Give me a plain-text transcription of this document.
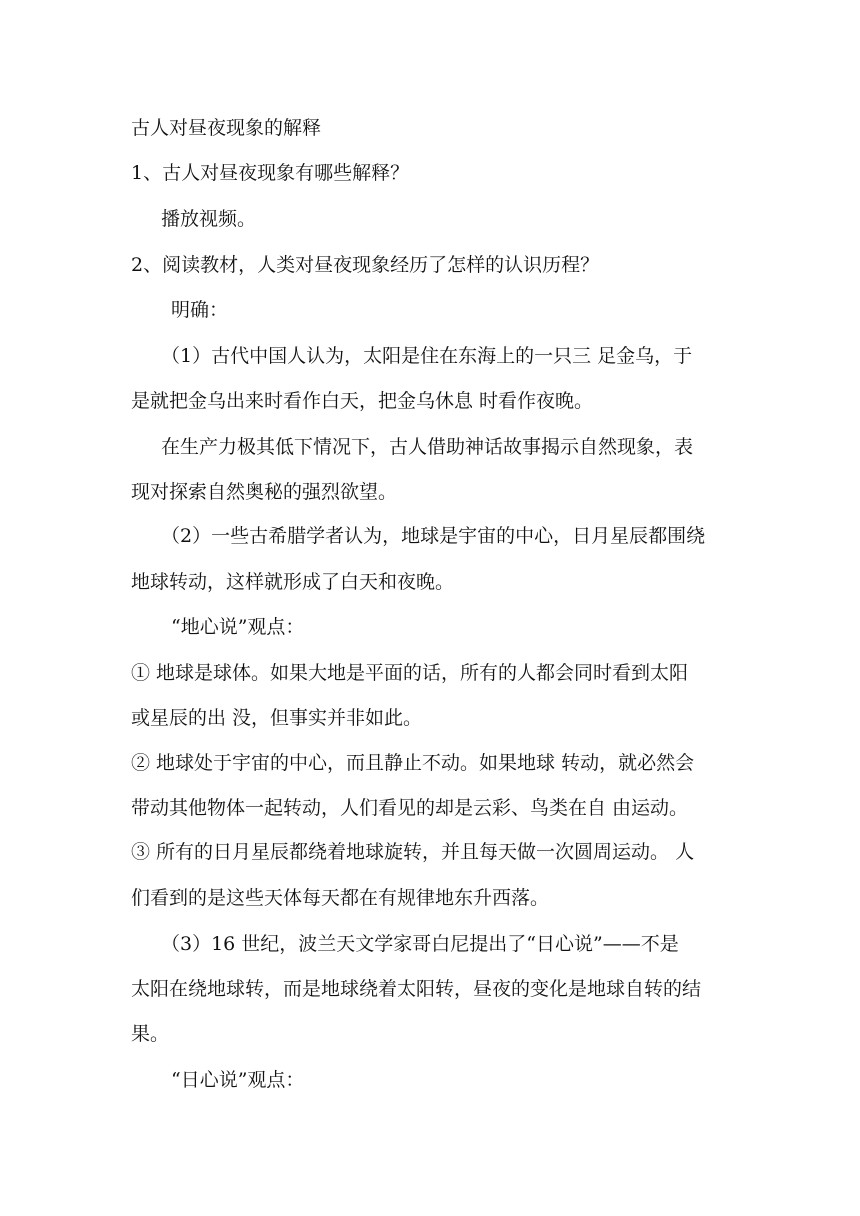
古人对昼夜现象的解释
1、古人对昼夜现象有哪些解释？
播放视频。
2、阅读教材，人类对昼夜现象经历了怎样的认识历程？
明确：
（1）古代中国人认为，太阳是住在东海上的一只三 足金乌，于
是就把金乌出来时看作白天，把金乌休息 时看作夜晚。
在生产力极其低下情况下，古人借助神话故事揭示自然现象，表
现对探索自然奥秘的强烈欲望。
（2）一些古希腊学者认为，地球是宇宙的中心，日月星辰都围绕
地球转动，这样就形成了白天和夜晚。
“地心说”观点：
① 地球是球体。如果大地是平面的话，所有的人都会同时看到太阳
或星辰的出 没，但事实并非如此。
② 地球处于宇宙的中心，而且静止不动。如果地球 转动，就必然会
带动其他物体一起转动，人们看见的却是云彩、鸟类在自 由运动。
③ 所有的日月星辰都绕着地球旋转，并且每天做一次圆周运动。 人
们看到的是这些天体每天都在有规律地东升西落。
（3）16 世纪，波兰天文学家哥白尼提出了“日心说”——不是
太阳在绕地球转，而是地球绕着太阳转，昼夜的变化是地球自转的结
果。
“日心说”观点：
